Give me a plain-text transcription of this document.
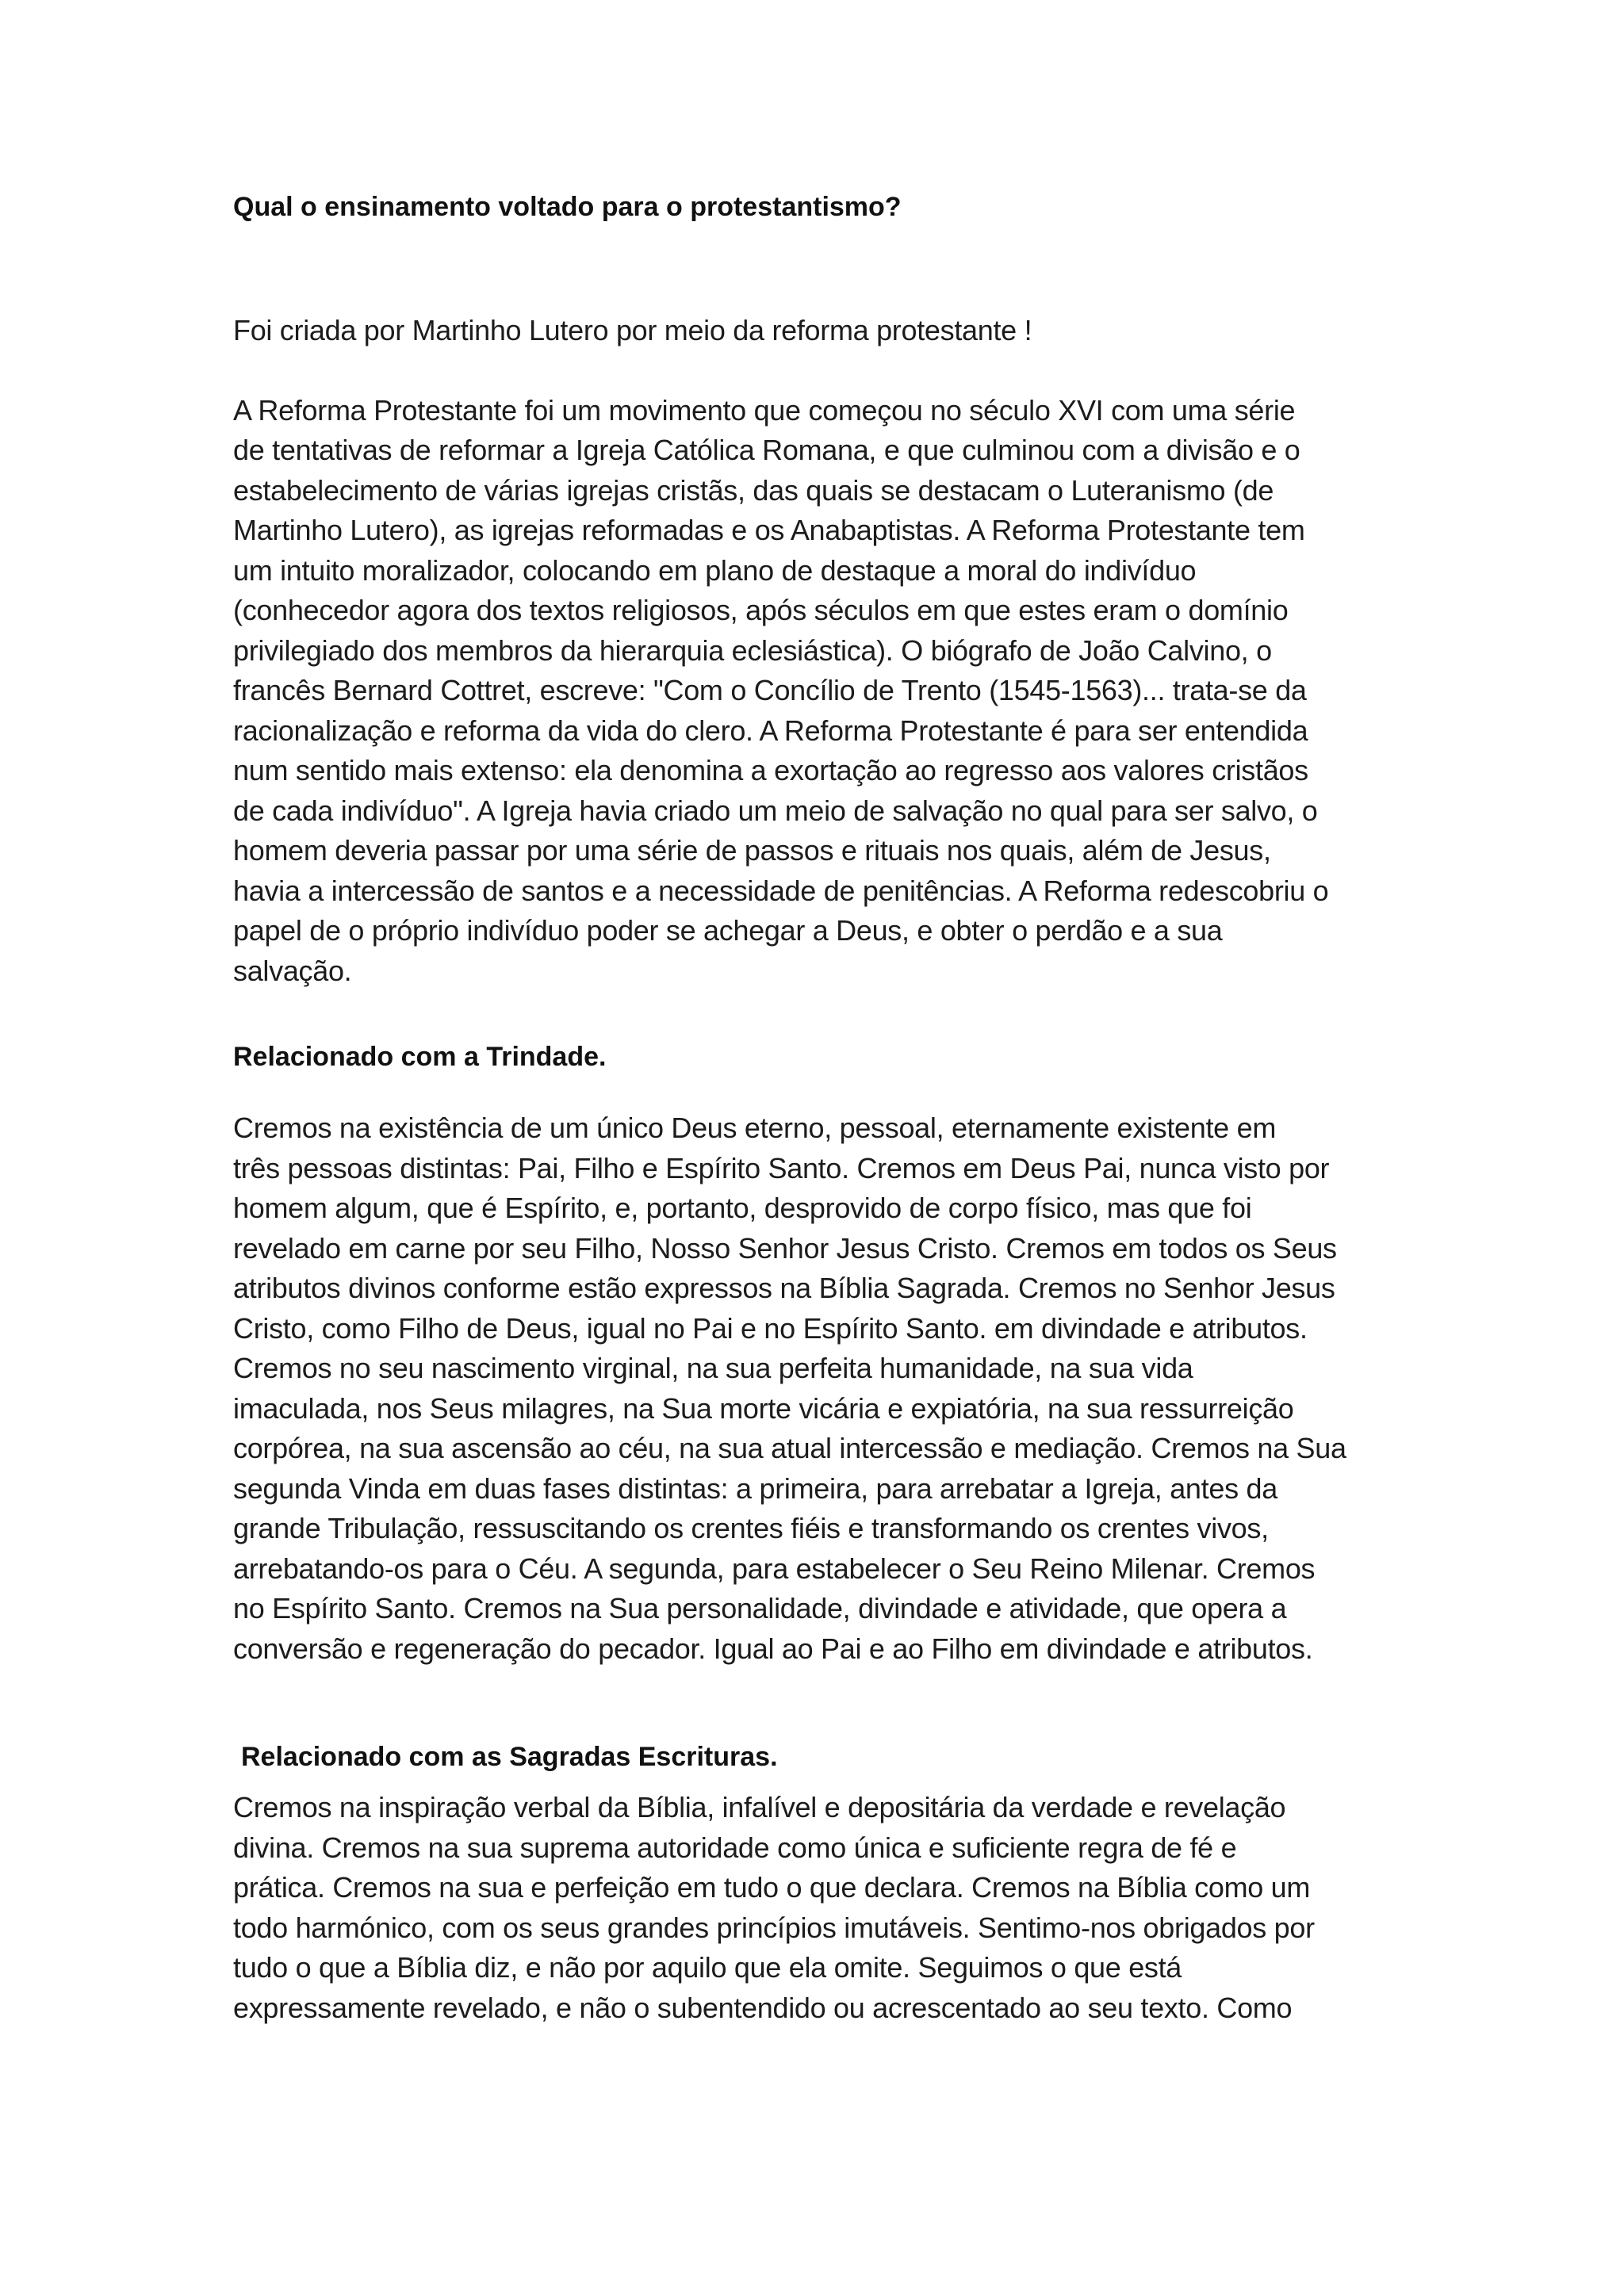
Qual o ensinamento voltado para o protestantismo?

Foi criada por Martinho Lutero por meio da reforma protestante !

A Reforma Protestante foi um movimento que começou no século XVI com uma série
de tentativas de reformar a Igreja Católica Romana, e que culminou com a divisão e o
estabelecimento de várias igrejas cristãs, das quais se destacam o Luteranismo (de
Martinho Lutero), as igrejas reformadas e os Anabaptistas. A Reforma Protestante tem
um intuito moralizador, colocando em plano de destaque a moral do indivíduo
(conhecedor agora dos textos religiosos, após séculos em que estes eram o domínio
privilegiado dos membros da hierarquia eclesiástica). O biógrafo de João Calvino, o
francês Bernard Cottret, escreve: "Com o Concílio de Trento (1545-1563)... trata-se da
racionalização e reforma da vida do clero. A Reforma Protestante é para ser entendida
num sentido mais extenso: ela denomina a exortação ao regresso aos valores cristãos
de cada indivíduo". A Igreja havia criado um meio de salvação no qual para ser salvo, o
homem deveria passar por uma série de passos e rituais nos quais, além de Jesus,
havia a intercessão de santos e a necessidade de penitências. A Reforma redescobriu o
papel de o próprio indivíduo poder se achegar a Deus, e obter o perdão e a sua
salvação.

Relacionado com a Trindade.

Cremos na existência de um único Deus eterno, pessoal, eternamente existente em
três pessoas distintas: Pai, Filho e Espírito Santo. Cremos em Deus Pai, nunca visto por
homem algum, que é Espírito, e, portanto, desprovido de corpo físico, mas que foi
revelado em carne por seu Filho, Nosso Senhor Jesus Cristo. Cremos em todos os Seus
atributos divinos conforme estão expressos na Bíblia Sagrada. Cremos no Senhor Jesus
Cristo, como Filho de Deus, igual no Pai e no Espírito Santo. em divindade e atributos.
Cremos no seu nascimento virginal, na sua perfeita humanidade, na sua vida
imaculada, nos Seus milagres, na Sua morte vicária e expiatória, na sua ressurreição
corpórea, na sua ascensão ao céu, na sua atual intercessão e mediação. Cremos na Sua
segunda Vinda em duas fases distintas: a primeira, para arrebatar a Igreja, antes da
grande Tribulação, ressuscitando os crentes fiéis e transformando os crentes vivos,
arrebatando-os para o Céu. A segunda, para estabelecer o Seu Reino Milenar. Cremos
no Espírito Santo. Cremos na Sua personalidade, divindade e atividade, que opera a
conversão e regeneração do pecador. Igual ao Pai e ao Filho em divindade e atributos.

Relacionado com as Sagradas Escrituras.

Cremos na inspiração verbal da Bíblia, infalível e depositária da verdade e revelação
divina. Cremos na sua suprema autoridade como única e suficiente regra de fé e
prática. Cremos na sua e perfeição em tudo o que declara. Cremos na Bíblia como um
todo harmónico, com os seus grandes princípios imutáveis. Sentimo-nos obrigados por
tudo o que a Bíblia diz, e não por aquilo que ela omite. Seguimos o que está
expressamente revelado, e não o subentendido ou acrescentado ao seu texto. Como
